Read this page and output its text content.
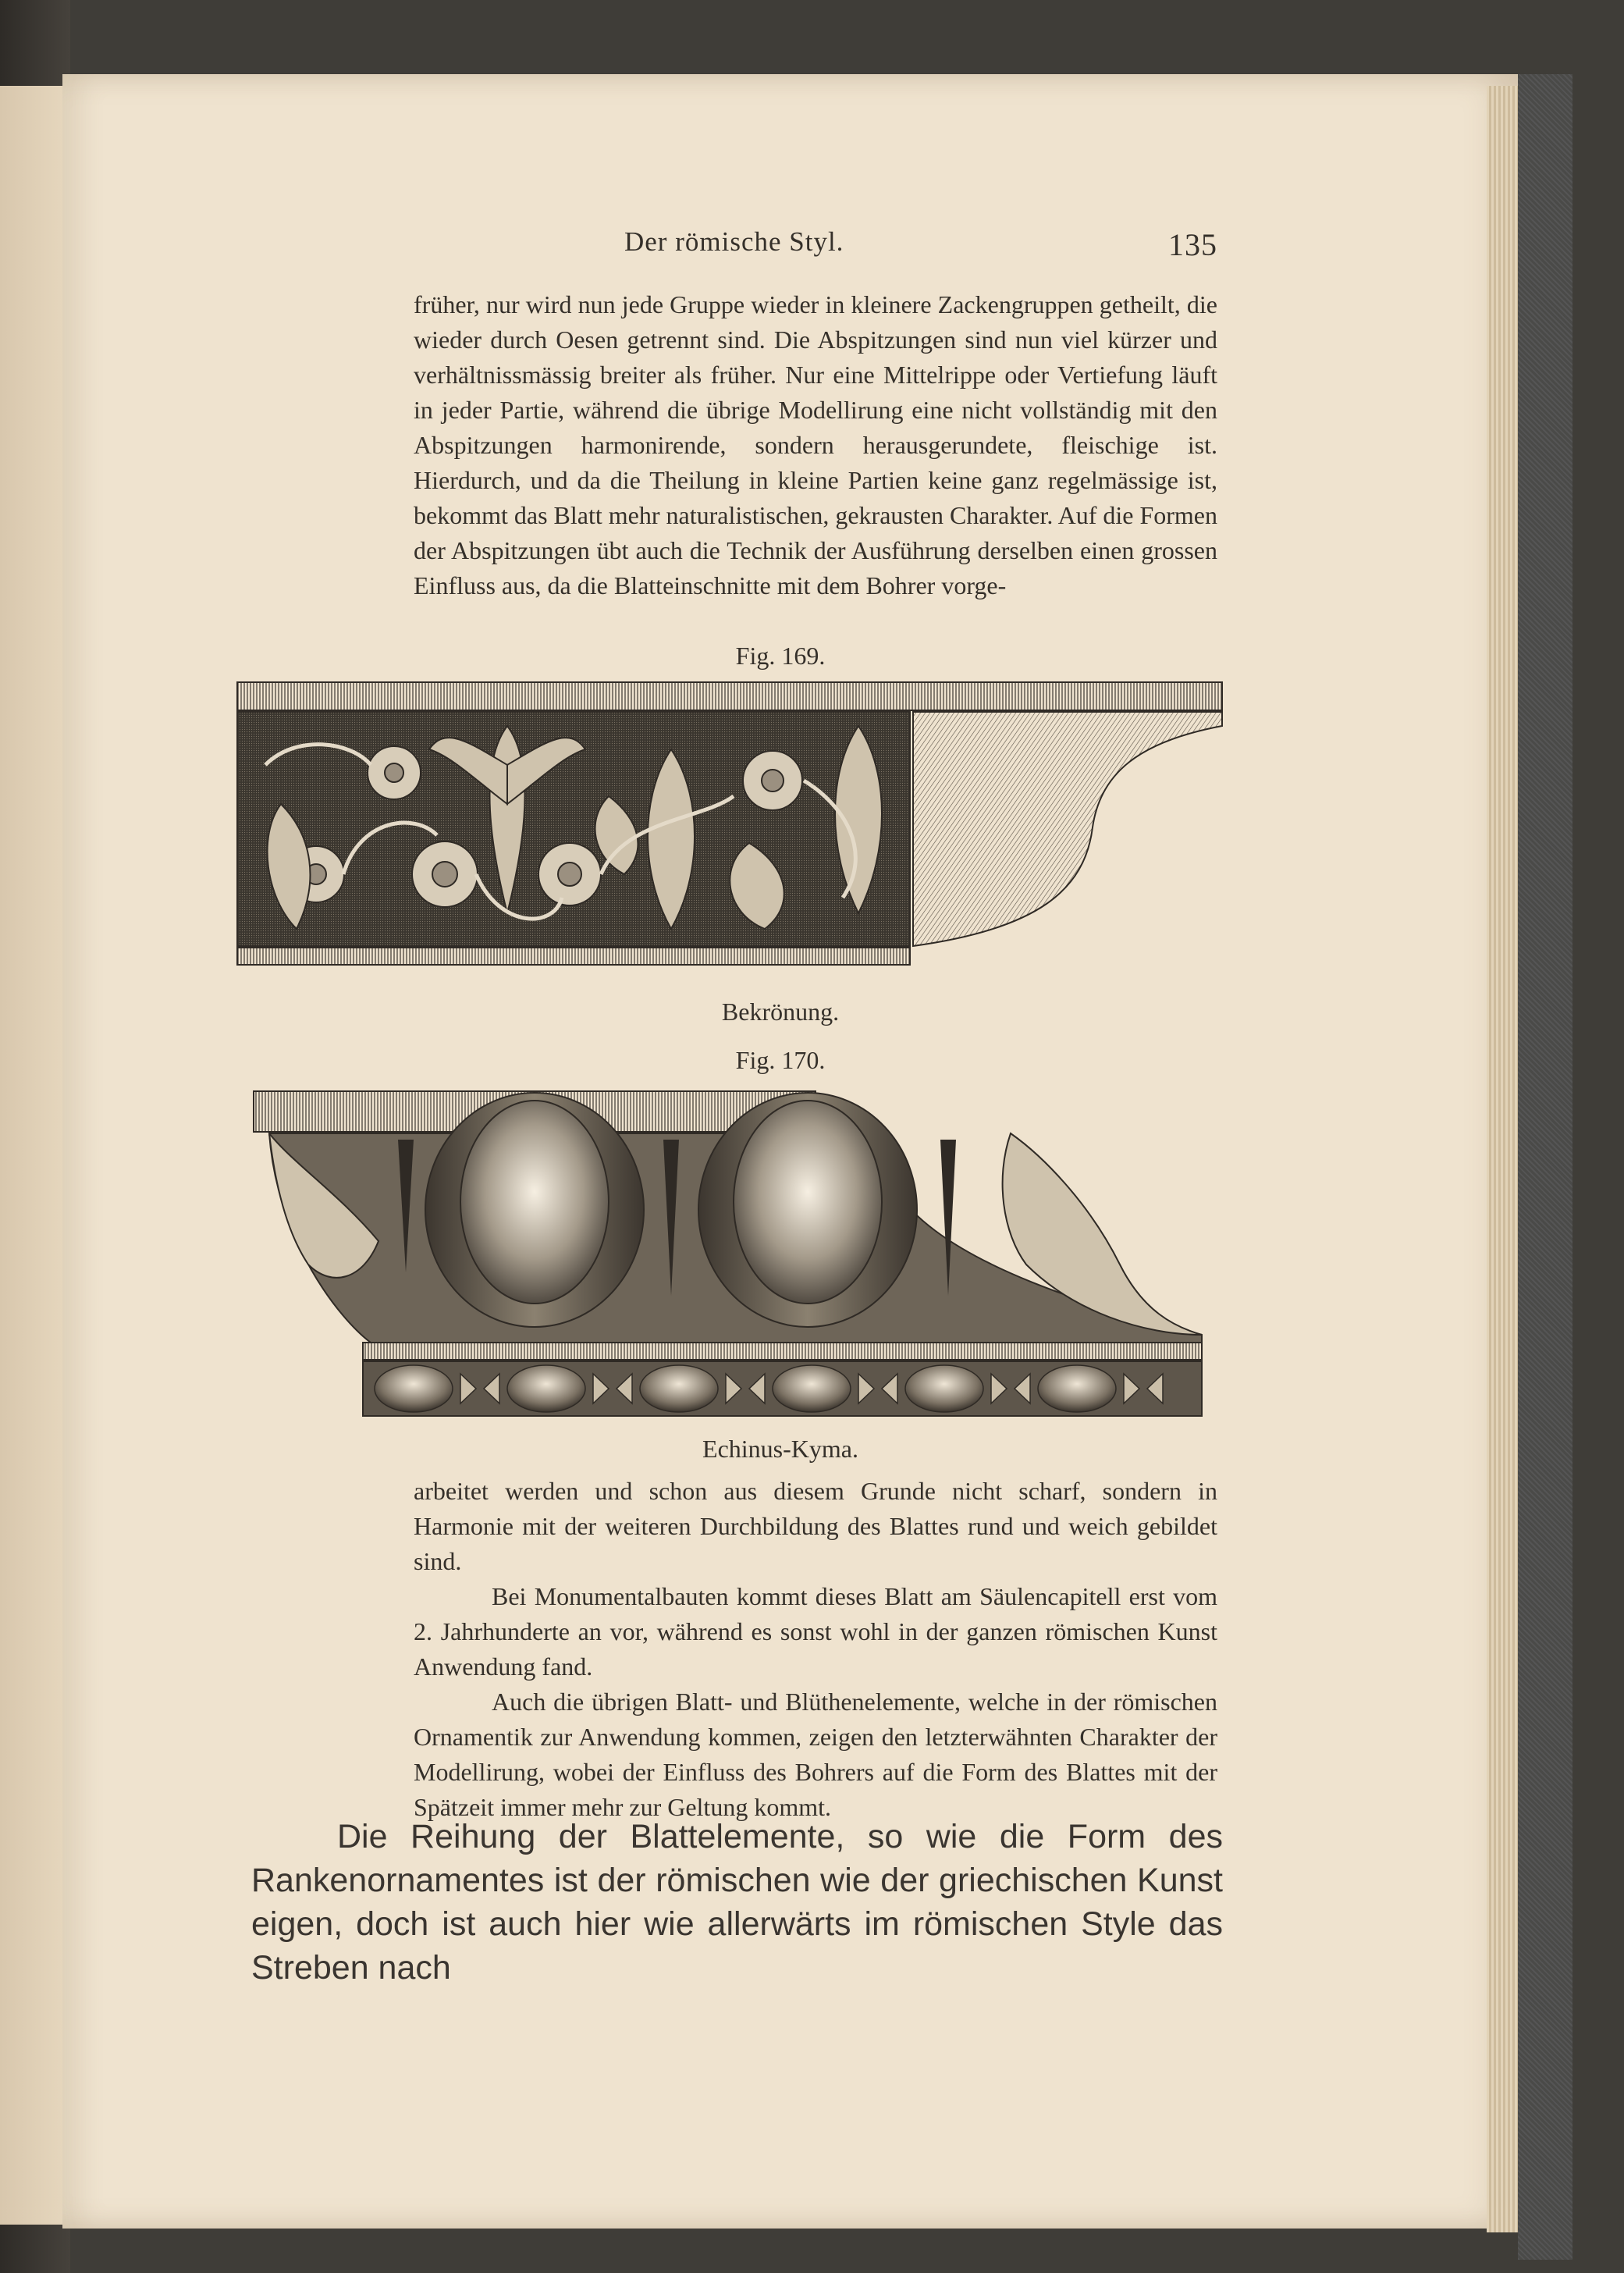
Der römische Styl.	135

früher, nur wird nun jede Gruppe wieder in kleinere Zackengruppen getheilt, die wieder durch Oesen getrennt sind. Die Abspitzungen sind nun viel kürzer und verhältnissmässig breiter als früher. Nur eine Mittelrippe oder Vertiefung läuft in jeder Partie, während die übrige Modellirung eine nicht vollständig mit den Abspitzungen harmonirende, sondern herausgerundete, fleischige ist. Hierdurch, und da die Theilung in kleine Partien keine ganz regelmässige ist, bekommt das Blatt mehr naturalistischen, gekrausten Charakter. Auf die Formen der Abspitzungen übt auch die Technik der Ausführung derselben einen grossen Einfluss aus, da die Blatteinschnitte mit dem Bohrer vorge-

Fig. 169.
Bekrönung.
Fig. 170.
Echinus-Kyma.

arbeitet werden und schon aus diesem Grunde nicht scharf, sondern in Harmonie mit der weiteren Durchbildung des Blattes rund und weich gebildet sind.

Bei Monumentalbauten kommt dieses Blatt am Säulencapitell erst vom 2. Jahrhunderte an vor, während es sonst wohl in der ganzen römischen Kunst Anwendung fand.

Auch die übrigen Blatt- und Blüthenelemente, welche in der römischen Ornamentik zur Anwendung kommen, zeigen den letzterwähnten Charakter der Modellirung, wobei der Einfluss des Bohrers auf die Form des Blattes mit der Spätzeit immer mehr zur Geltung kommt.

Die Reihung der Blattelemente, so wie die Form des Rankenornamentes ist der römischen wie der griechischen Kunst eigen, doch ist auch hier wie allerwärts im römischen Style das Streben nach
